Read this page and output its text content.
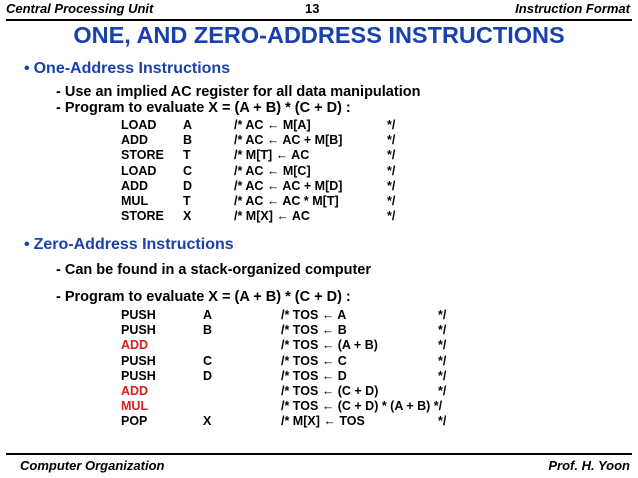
Central Processing Unit	13	Instruction Format
ONE, AND ZERO-ADDRESS INSTRUCTIONS
• One-Address Instructions
- Use an implied AC register for all data manipulation
- Program to evaluate X = (A + B) * (C + D) :
LOAD A	/* AC ← M[A]	*/
ADD	B	/* AC ← AC + M[B]	*/
STORE T	/* M[T] ← AC	*/
LOAD C	/* AC ← M[C]	*/
ADD	D	/* AC ← AC + M[D]	*/
MUL	T	/* AC ← AC * M[T]	*/
STORE X	/* M[X] ← AC	*/
• Zero-Address Instructions
- Can be found in a stack-organized computer
- Program to evaluate X = (A + B) * (C + D) :
PUSH	A	/* TOS ← A	*/
PUSH	B	/* TOS ← B	*/
ADD	/* TOS ← (A + B)	*/
PUSH	C	/* TOS ← C	*/
PUSH	D	/* TOS ← D	*/
ADD	/* TOS ← (C + D)	*/
MUL	/* TOS ← (C + D) * (A + B) */
POP	X	/* M[X] ← TOS	*/
Computer Organization	Prof. H. Yoon
